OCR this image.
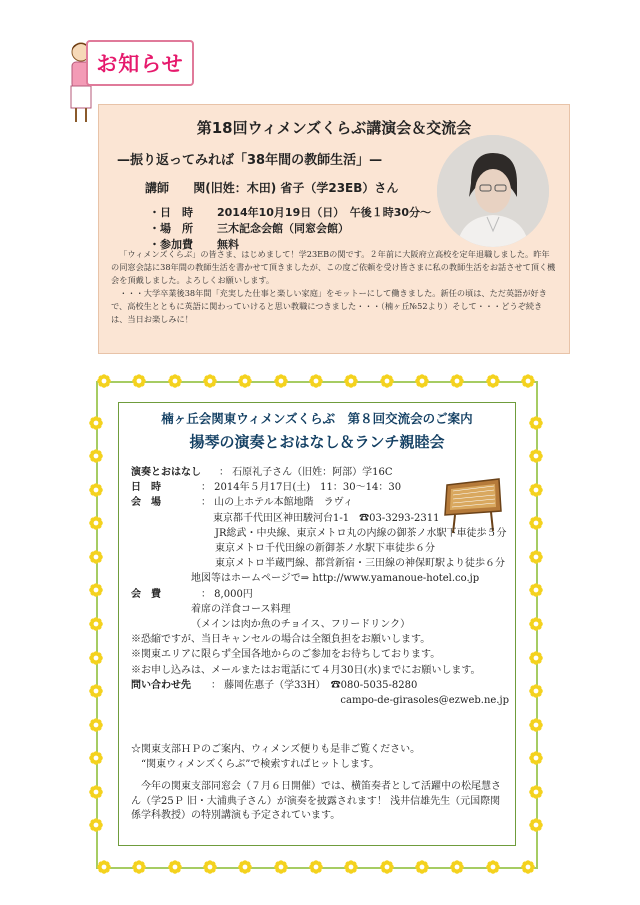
お知らせ
第18回ウィメンズくらぶ講演会＆交流会
—振り返ってみれば「38年間の教師生活」—
講師 関(旧姓：木田) 省子（学23EB）さん
・日　時 2014年10月19日（日）　午後１時30分〜
・場　所 三木記念会館（同窓会館）
・参加費 無料

「ウィメンズくらぶ」の皆さま、はじめまして！学23EBの関です。２年前に大阪府立高校を定年退職しました。昨年の同窓会誌に38年間の教師生活を書かせて頂きましたが、この度ご依頼を受け皆さまに私の教師生活をお話させて頂く機会を頂戴しました。よろしくお願いします。

・・・大学卒業後38年間「充実した仕事と楽しい家庭」をモットーにして働きました。新任の頃は、ただ英語が好きで、高校生とともに英語に関わっていけると思い教職につきました・・・（楠ヶ丘№52より）そして・・・どうぞ続きは、当日お楽しみに！

楠ヶ丘会関東ウィメンズくらぶ　第８回交流会のご案内
揚琴の演奏とおはなし＆ランチ親睦会
演奏とおはなし ： 石原礼子さん（旧姓：阿部）学16C
日　時	： 2014年５月17日(土)　11：30〜14：30
会　場	： 山の上ホテル本館地階　ラヴィ
東京都千代田区神田駿河台1-1　 ☎03-3293-2311
JR総武・中央線、東京メトロ丸の内線の御茶ノ水駅下車徒歩５分
東京メトロ千代田線の新御茶ノ水駅下車徒歩６分
東京メトロ半蔵門線、都営新宿・三田線の神保町駅より徒歩６分
地図等はホームページで⇒ http://www.yamanoue-hotel.co.jp
会　費	： 8,000円
着席の洋食コース料理
（メインは肉か魚のチョイス、フリードリンク）
※恐縮ですが、当日キャンセルの場合は全額負担をお願いします。
※関東エリアに限らず全国各地からのご参加をお待ちしております。
※お申し込みは、メールまたはお電話にて４月30日(水)までにお願いします。
問い合わせ先 ： 藤岡佐惠子（学33H）　☎080-5035-8280
campo-de-girasoles@ezweb.ne.jp

☆関東支部ＨＰのご案内、ウィメンズ便りも是非ご覧ください。

“関東ウィメンズくらぶ”で検索すればヒットします。

今年の関東支部同窓会（７月６日開催）では、横笛奏者として活躍中の松尾慧さん（学25Ｐ 旧・大浦典子さん）が演奏を披露されます！ 浅井信雄先生（元国際関係学科教授）の特別講演も予定されています。
